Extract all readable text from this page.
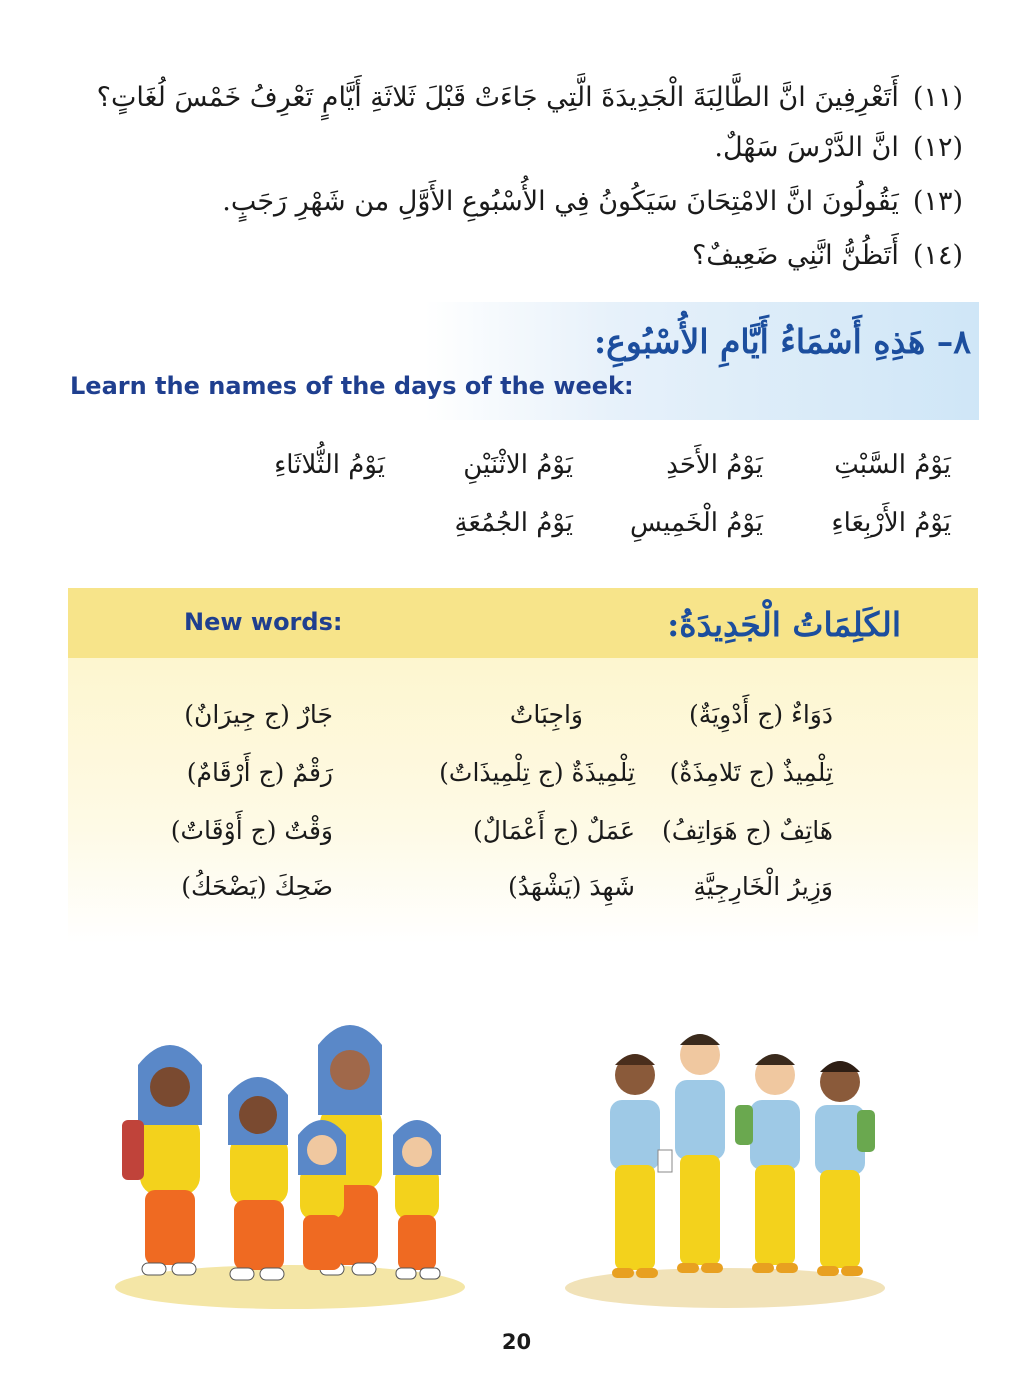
(١١)أَتَعْرِفِينَ انَّ الطَّالِبَةَ الْجَدِيدَةَ الَّتِي جَاءَتْ قَبْلَ ثَلاثَةِ أَيَّامٍ تَعْرِفُ خَمْسَ لُغَاتٍ؟
(١٢)انَّ الدَّرْسَ سَهْلٌ.
(١٣)يَقُولُونَ انَّ الامْتِحَانَ سَيَكُونُ فِي الأُسْبُوعِ الأَوَّلِ من شَهْرِ رَجَبٍ.
(١٤)أَتَظُنُّ انَّنِي ضَعِيفٌ؟
٨– هَذِهِ أَسْمَاءُ أَيَّامِ الأُسْبُوعِ:
Learn the names of the days of the week:
يَوْمُ السَّبْتِ
يَوْمُ الأَحَدِ
يَوْمُ الاثْنَيْنِ
يَوْمُ الثُّلاثَاءِ
يَوْمُ الأَرْبِعَاءِ
يَوْمُ الْخَمِيسِ
يَوْمُ الجُمُعَةِ
New words:	الكَلِمَاتُ الْجَدِيدَةُ:
دَوَاءٌ (ج أَدْوِيَةٌ)
وَاجِبَاتٌ
جَارٌ (ج جِيرَانٌ)
تِلْمِيذٌ (ج تَلامِذَةٌ)
تِلْمِيذَةٌ (ج تِلْمِيذَاتٌ)
رَقْمٌ (ج أَرْقَامٌ)
هَاتِفٌ (ج هَوَاتِفُ)
عَمَلٌ (ج أَعْمَالٌ)
وَقْتٌ (ج أَوْقَاتٌ)
وَزِيرُ الْخَارِجِيَّةِ
شَهِدَ (يَشْهَدُ)
ضَحِكَ (يَضْحَكُ)
20
